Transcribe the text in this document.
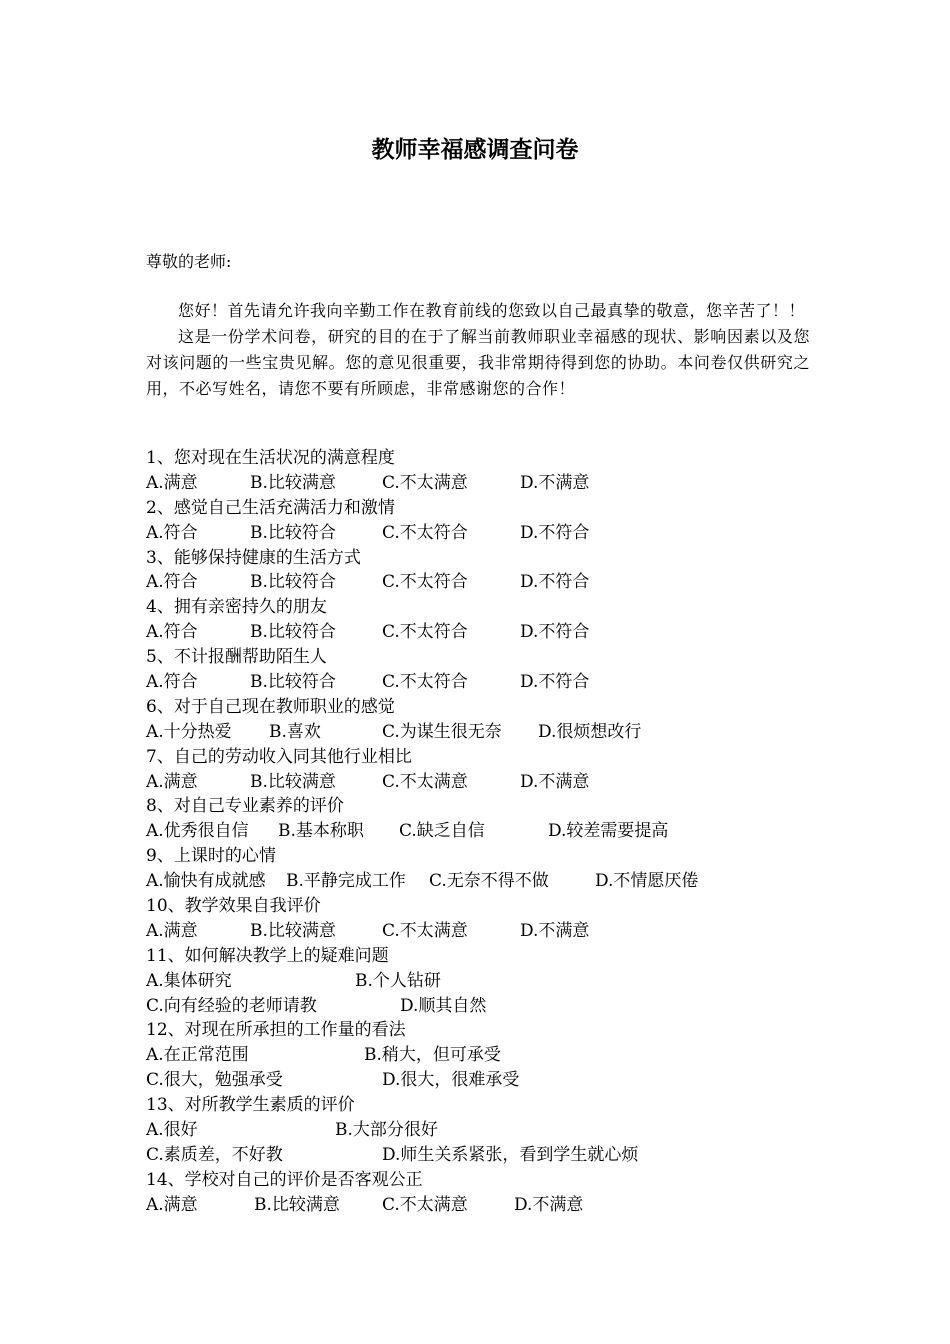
教师幸福感调查问卷
尊敬的老师:

您好！首先请允许我向辛勤工作在教育前线的您致以自己最真挚的敬意，您辛苦了！！

这是一份学术问卷，研究的目的在于了解当前教师职业幸福感的现状、影响因素以及您对该问题的一些宝贵见解。您的意见很重要，我非常期待得到您的协助。本问卷仅供研究之用，不必写姓名，请您不要有所顾虑，非常感谢您的合作！

1、您对现在生活状况的满意程度
A.满意	B.比较满意	C.不太满意	D.不满意
2、感觉自己生活充满活力和激情
A.符合	B.比较符合	C.不太符合	D.不符合
3、能够保持健康的生活方式
A.符合	B.比较符合	C.不太符合	D.不符合
4、拥有亲密持久的朋友
A.符合	B.比较符合	C.不太符合	D.不符合
5、不计报酬帮助陌生人
A.符合	B.比较符合	C.不太符合	D.不符合
6、对于自己现在教师职业的感觉
A.十分热爱 B.喜欢	C.为谋生很无奈 D.很烦想改行
7、自己的劳动收入同其他行业相比
A.满意	B.比较满意	C.不太满意	D.不满意
8、对自己专业素养的评价
A.优秀很自信 B.基本称职 C.缺乏自信	D.较差需要提高
9、上课时的心情
A.愉快有成就感 B.平静完成工作 C.无奈不得不做	D.不情愿厌倦
10、教学效果自我评价
A.满意	B.比较满意	C.不太满意	D.不满意
11、如何解决教学上的疑难问题
A.集体研究	B.个人钻研
C.向有经验的老师请教	D.顺其自然
12、对现在所承担的工作量的看法
A.在正常范围	B.稍大，但可承受
C.很大，勉强承受	D.很大，很难承受
13、对所教学生素质的评价
A.很好	B.大部分很好
C.素质差，不好教	D.师生关系紧张，看到学生就心烦
14、学校对自己的评价是否客观公正
A.满意	B.比较满意 C.不太满意	D.不满意
